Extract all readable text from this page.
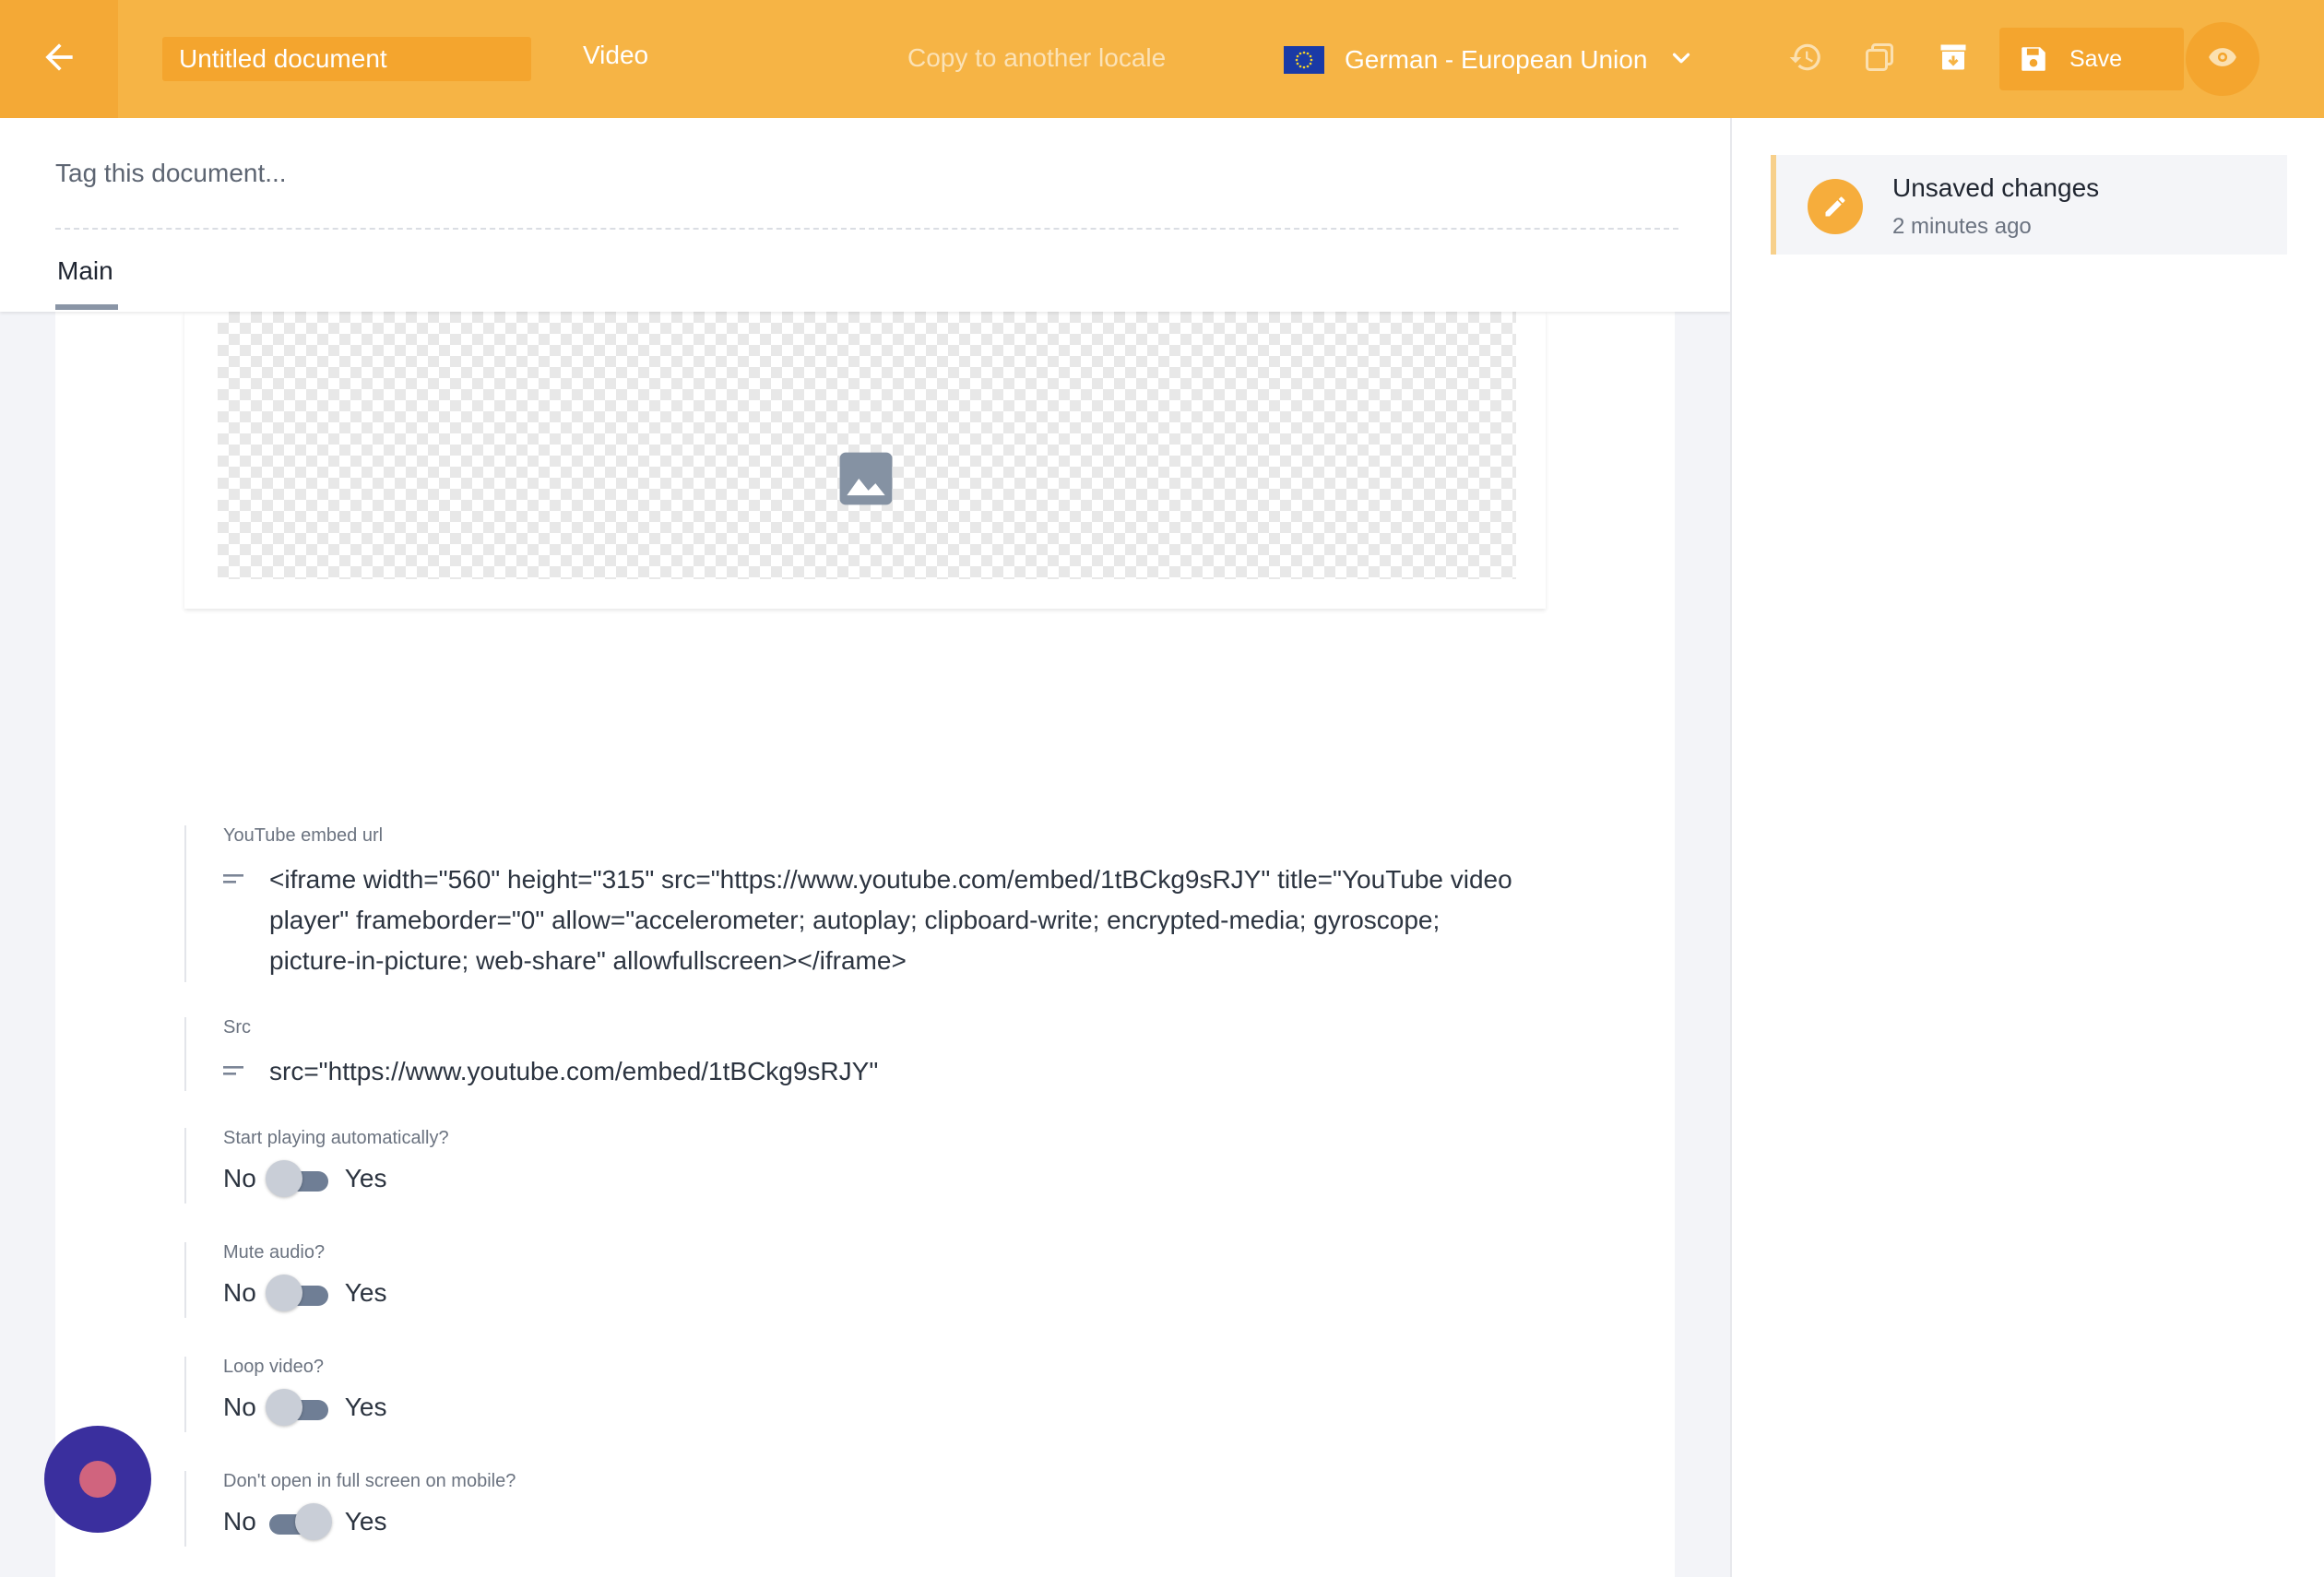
Untitled document
Video	Copy to another locale	German - European Union	Save
YouTube embed url
<iframe width="560" height="315" src="https://www.youtube.com/embed/1tBCkg9sRJY" title="YouTube video player" frameborder="0" allow="accelerometer; autoplay; clipboard-write; encrypted-media; gyroscope; picture-in-picture; web-share" allowfullscreen></iframe>
Src
src="https://www.youtube.com/embed/1tBCkg9sRJY"
Start playing automatically?
No	Yes
Mute audio?
No	Yes
Loop video?
No	Yes
Don't open in full screen on mobile?
No	Yes
Tag this document...
Main
Unsaved changes
2 minutes ago
